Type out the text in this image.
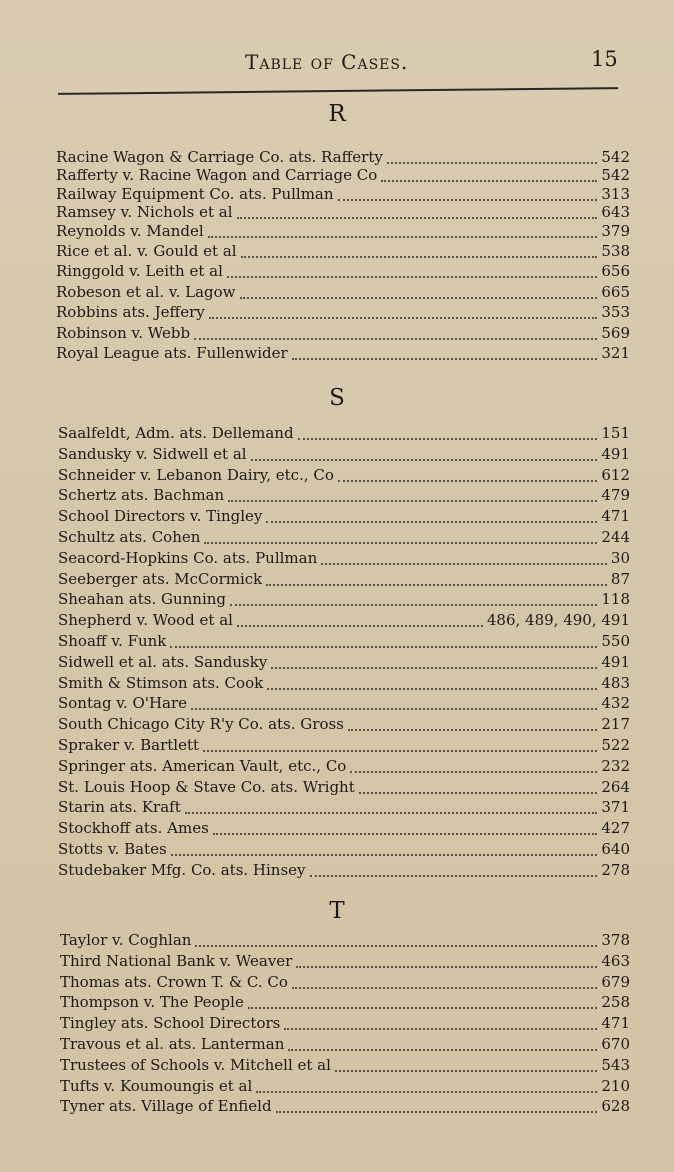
Table of Cases.	15
R
S
T
Racine Wagon & Carriage Co. ats. Rafferty	542
Rafferty v. Racine Wagon and Carriage Co	542
Railway Equipment Co. ats. Pullman	313
Ramsey v. Nichols et al	643
Reynolds v. Mandel	379
Rice et al. v. Gould et al	538
Ringgold v. Leith et al	656
Robeson et al. v. Lagow	665
Robbins ats. Jeffery	353
Robinson v. Webb	569
Royal League ats. Fullenwider	321
Saalfeldt, Adm. ats. Dellemand	151
Sandusky v. Sidwell et al	491
Schneider v. Lebanon Dairy, etc., Co	612
Schertz ats. Bachman	479
School Directors v. Tingley	471
Schultz ats. Cohen	244
Seacord-Hopkins Co. ats. Pullman	30
Seeberger ats. McCormick	87
Sheahan ats. Gunning	118
Shepherd v. Wood et al	486, 489, 490, 491
Shoaff v. Funk	550
Sidwell et al. ats. Sandusky	491
Smith & Stimson ats. Cook	483
Sontag v. O'Hare	432
South Chicago City R'y Co. ats. Gross	217
Spraker v. Bartlett	522
Springer ats. American Vault, etc., Co	232
St. Louis Hoop & Stave Co. ats. Wright	264
Starin ats. Kraft	371
Stockhoff ats. Ames	427
Stotts v. Bates	640
Studebaker Mfg. Co. ats. Hinsey	278
Taylor v. Coghlan	378
Third National Bank v. Weaver	463
Thomas ats. Crown T. & C. Co	679
Thompson v. The People	258
Tingley ats. School Directors	471
Travous et al. ats. Lanterman	670
Trustees of Schools v. Mitchell et al	543
Tufts v. Koumoungis et al	210
Tyner ats. Village of Enfield	628
